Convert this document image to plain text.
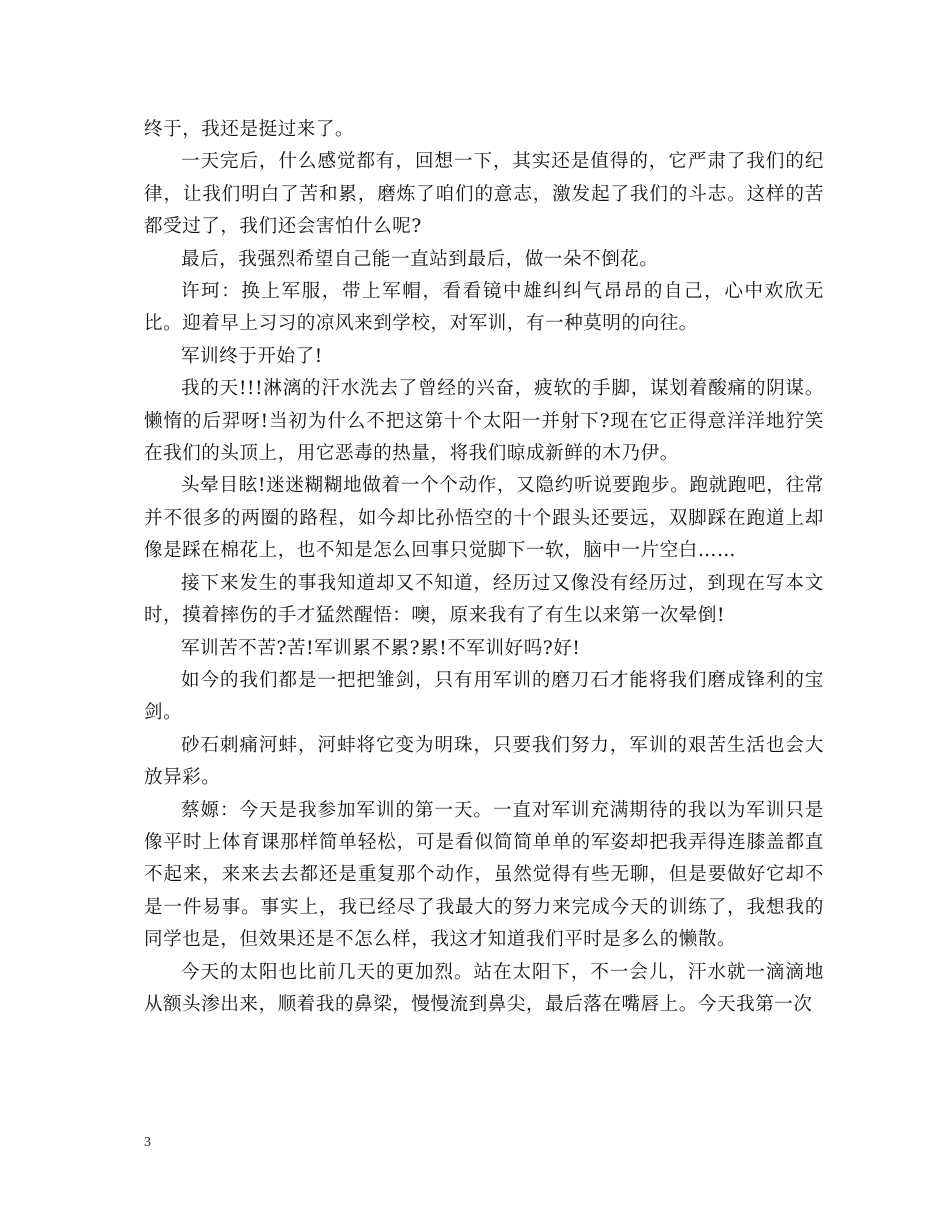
终于，我还是挺过来了。

一天完后，什么感觉都有，回想一下，其实还是值得的，它严肃了我们的纪律，让我们明白了苦和累，磨炼了咱们的意志，激发起了我们的斗志。这样的苦都受过了，我们还会害怕什么呢?

最后，我强烈希望自己能一直站到最后，做一朵不倒花。

许珂：换上军服，带上军帽，看看镜中雄纠纠气昂昂的自己，心中欢欣无比。迎着早上习习的凉风来到学校，对军训，有一种莫明的向往。

军训终于开始了!

我的天!!!淋漓的汗水洗去了曾经的兴奋，疲软的手脚，谋划着酸痛的阴谋。懒惰的后羿呀!当初为什么不把这第十个太阳一并射下?现在它正得意洋洋地狞笑在我们的头顶上，用它恶毒的热量，将我们晾成新鲜的木乃伊。

头晕目眩!迷迷糊糊地做着一个个动作，又隐约听说要跑步。跑就跑吧，往常并不很多的两圈的路程，如今却比孙悟空的十个跟头还要远，双脚踩在跑道上却像是踩在棉花上，也不知是怎么回事只觉脚下一软，脑中一片空白……

接下来发生的事我知道却又不知道，经历过又像没有经历过，到现在写本文时，摸着摔伤的手才猛然醒悟：噢，原来我有了有生以来第一次晕倒!

军训苦不苦?苦!军训累不累?累!不军训好吗?好!

如今的我们都是一把把雏剑，只有用军训的磨刀石才能将我们磨成锋利的宝剑。

砂石刺痛河蚌，河蚌将它变为明珠，只要我们努力，军训的艰苦生活也会大放异彩。

蔡嫄：今天是我参加军训的第一天。一直对军训充满期待的我以为军训只是像平时上体育课那样简单轻松，可是看似简简单单的军姿却把我弄得连膝盖都直不起来，来来去去都还是重复那个动作，虽然觉得有些无聊，但是要做好它却不是一件易事。事实上，我已经尽了我最大的努力来完成今天的训练了，我想我的同学也是，但效果还是不怎么样，我这才知道我们平时是多么的懒散。

今天的太阳也比前几天的更加烈。站在太阳下，不一会儿，汗水就一滴滴地从额头渗出来，顺着我的鼻梁，慢慢流到鼻尖，最后落在嘴唇上。今天我第一次

3
